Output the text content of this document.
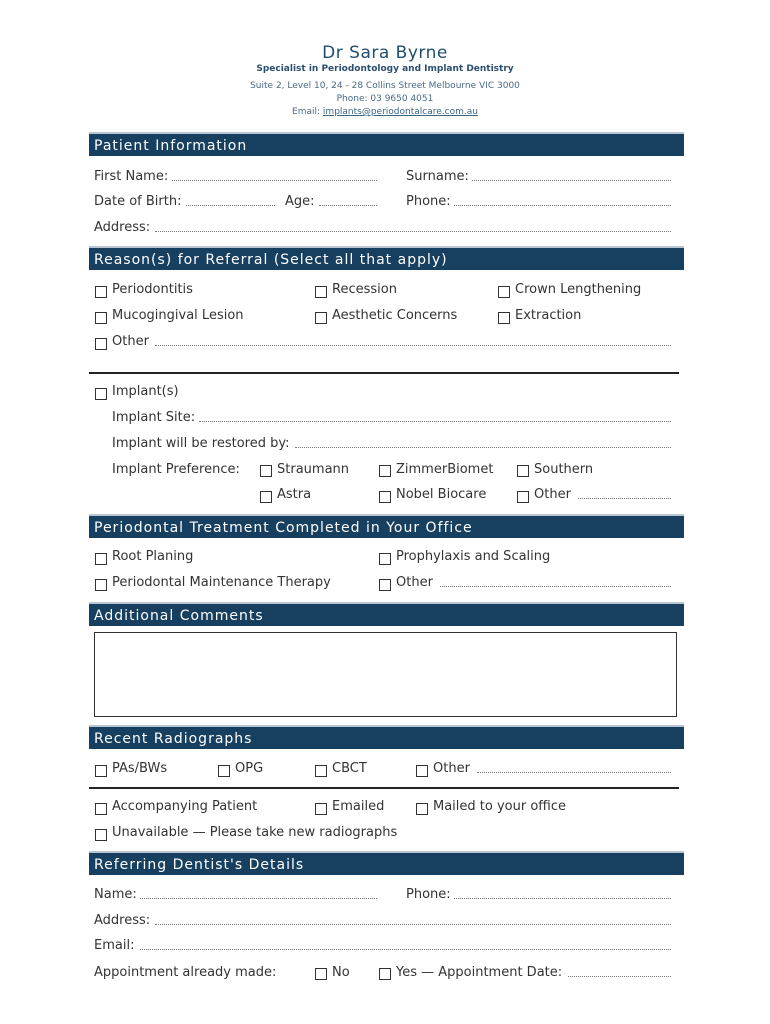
Dr Sara Byrne
Specialist in Periodontology and Implant Dentistry
Suite 2, Level 10, 24 - 28 Collins Street Melbourne VIC 3000
Phone: 03 9650 4051
Email: implants@periodontalcare.com.au
Patient Information
First Name:	Surname:
Date of Birth:	Age:	Phone:
Address:
Reason(s) for Referral (Select all that apply)
Periodontitis	Recession	Crown Lengthening
Mucogingival Lesion	Aesthetic Concerns	Extraction
Other
Implant(s)
Implant Site:
Implant will be restored by:
Implant Preference:	Straumann	ZimmerBiomet	Southern
Astra	Nobel Biocare	Other
Periodontal Treatment Completed in Your Office
Root Planing	Prophylaxis and Scaling
Periodontal Maintenance Therapy	Other
Additional Comments
Recent Radiographs
PAs/BWs	OPG	CBCT	Other
Accompanying Patient	Emailed	Mailed to your office
Unavailable — Please take new radiographs
Referring Dentist's Details
Name:	Phone:
Address:
Email:
Appointment already made:	No	Yes — Appointment Date:
